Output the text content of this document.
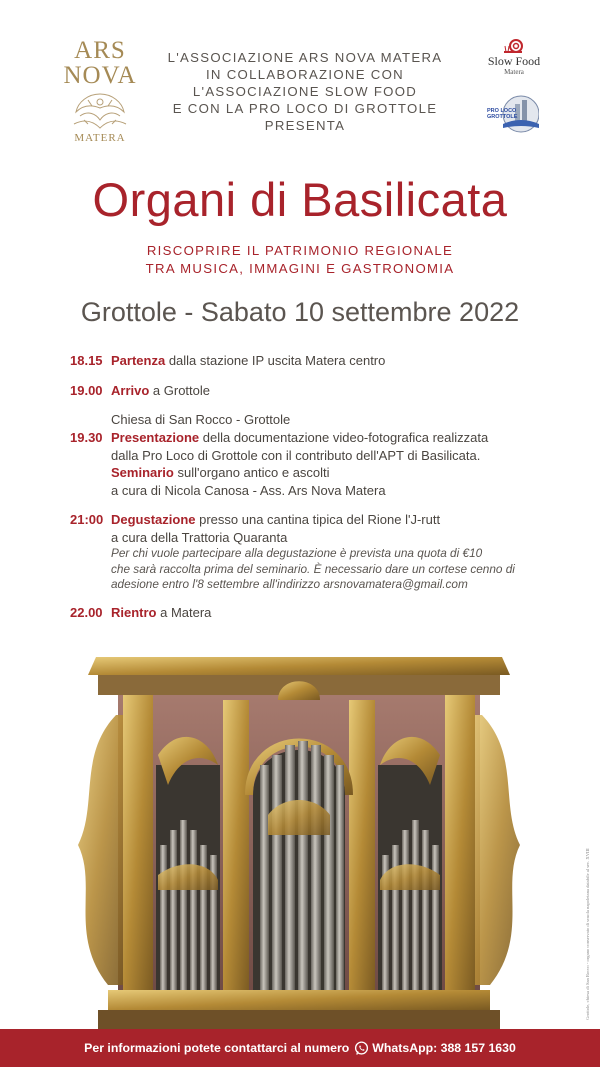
ARS
NOVA
MATERA
L'ASSOCIAZIONE ARS NOVA MATERA
IN COLLABORAZIONE CON
L'ASSOCIAZIONE SLOW FOOD
E CON LA PRO LOCO DI GROTTOLE
PRESENTA
Slow Food
Matera
PRO LOCO GROTTOLE
Organi di Basilicata
RISCOPRIRE IL PATRIMONIO REGIONALE
TRA MUSICA, IMMAGINI E GASTRONOMIA
Grottole - Sabato 10 settembre 2022
18.15 Partenza dalla stazione IP uscita Matera centro
19.00 Arrivo a Grottole
Chiesa di San Rocco - Grottole
19.30 Presentazione della documentazione video-fotografica realizzata
dalla Pro Loco di Grottole con il contributo dell'APT di Basilicata.
Seminario sull'organo antico e ascolti
a cura di Nicola Canosa - Ass. Ars Nova Matera
21:00 Degustazione presso una cantina tipica del Rione l'J-rutt
a cura della Trattoria Quaranta
Per chi vuole partecipare alla degustazione è prevista una quota di €10
che sarà raccolta prima del seminario. È necessario dare un cortese cenno di
adesione entro l'8 settembre all'indirizzo arsnovamatera@gmail.com
22.00 Rientro a Matera
Grottole, chiesa di San Rocco - organo conservato di scuola napoletana databile al sec. XVIII
Per informazioni potete contattarci al numero WhatsApp: 388 157 1630
